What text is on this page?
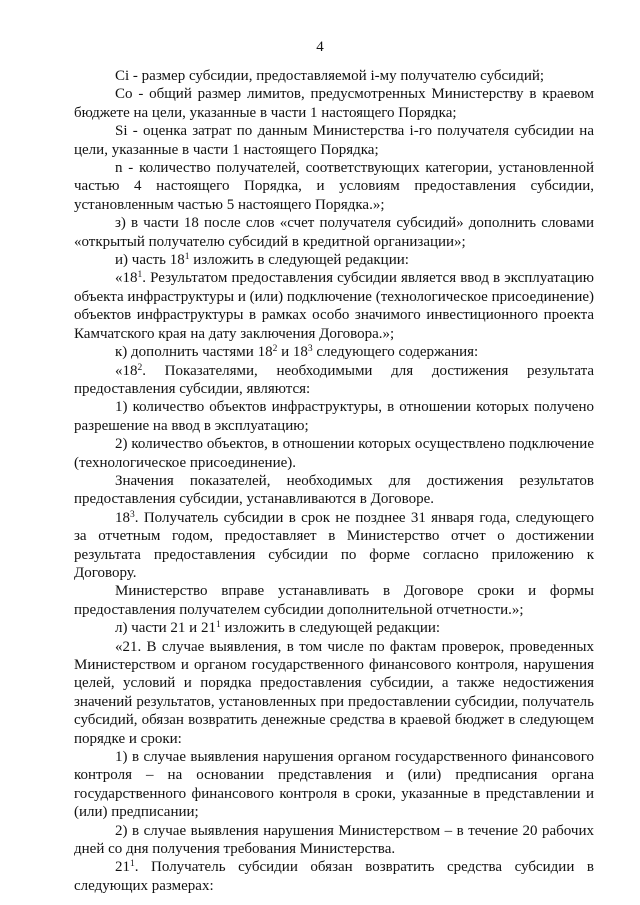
4

Ci - размер субсидии, предоставляемой i-му получателю субсидий;

Co - общий размер лимитов, предусмотренных Министерству в краевом бюджете на цели, указанные в части 1 настоящего Порядка;

Si - оценка затрат по данным Министерства i-го получателя субсидии на цели, указанные в части 1 настоящего Порядка;

n - количество получателей, соответствующих категории, установленной частью 4 настоящего Порядка, и условиям предоставления субсидии, установленным частью 5 настоящего Порядка.»;

з) в части 18 после слов «счет получателя субсидий» дополнить словами «открытый получателю субсидий в кредитной организации»;

и) часть $18^1$ изложить в следующей редакции:

«$18^1$. Результатом предоставления субсидии является ввод в эксплуатацию объекта инфраструктуры и (или) подключение (технологическое присоединение) объектов инфраструктуры в рамках особо значимого инвестиционного проекта Камчатского края на дату заключения Договора.»;

к) дополнить частями $18^2$ и $18^3$ следующего содержания:

«$18^2$. Показателями, необходимыми для достижения результата предоставления субсидии, являются:

1) количество объектов инфраструктуры, в отношении которых получено разрешение на ввод в эксплуатацию;

2) количество объектов, в отношении которых осуществлено подключение (технологическое присоединение).

Значения показателей, необходимых для достижения результатов предоставления субсидии, устанавливаются в Договоре.

$18^3$. Получатель субсидии в срок не позднее 31 января года, следующего за отчетным годом, предоставляет в Министерство отчет о достижении результата предоставления субсидии по форме согласно приложению к Договору.

Министерство вправе устанавливать в Договоре сроки и формы предоставления получателем субсидии дополнительной отчетности.»;

л) части 21 и $21^1$ изложить в следующей редакции:

«21. В случае выявления, в том числе по фактам проверок, проведенных Министерством и органом государственного финансового контроля, нарушения целей, условий и порядка предоставления субсидии, а также недостижения значений результатов, установленных при предоставлении субсидии, получатель субсидий, обязан возвратить денежные средства в краевой бюджет в следующем порядке и сроки:

1) в случае выявления нарушения органом государственного финансового контроля – на основании представления и (или) предписания органа государственного финансового контроля в сроки, указанные в представлении и (или) предписании;

2) в случае выявления нарушения Министерством – в течение 20 рабочих дней со дня получения требования Министерства.

$21^1$. Получатель субсидии обязан возвратить средства субсидии в следующих размерах:
